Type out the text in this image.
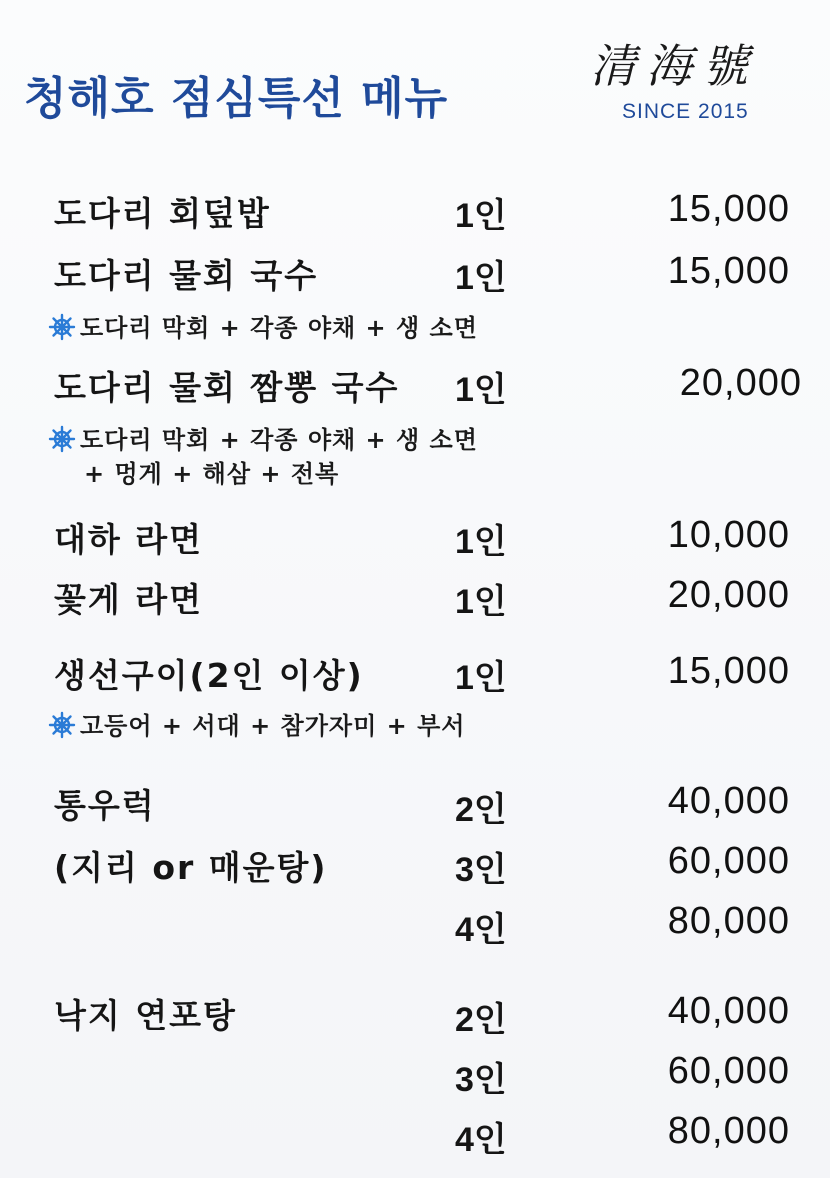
청해호 점심특선 메뉴
清海號
SINCE 2015
도다리 회덮밥	1인	15,000
도다리 물회 국수	1인	15,000
도다리 막회 + 각종 야채 + 생 소면
도다리 물회 짬뽕 국수 1인	20,000
도다리 막회 + 각종 야채 + 생 소면
+ 멍게 + 해삼 + 전복
대하 라면	1인	10,000
꽃게 라면	1인	20,000
생선구이(2인 이상)	1인	15,000
고등어 + 서대 + 참가자미 + 부서
통우럭
(지리 or 매운탕)
2인	40,000
3인	60,000
4인	80,000
낙지 연포탕	2인	40,000
3인	60,000
4인	80,000
